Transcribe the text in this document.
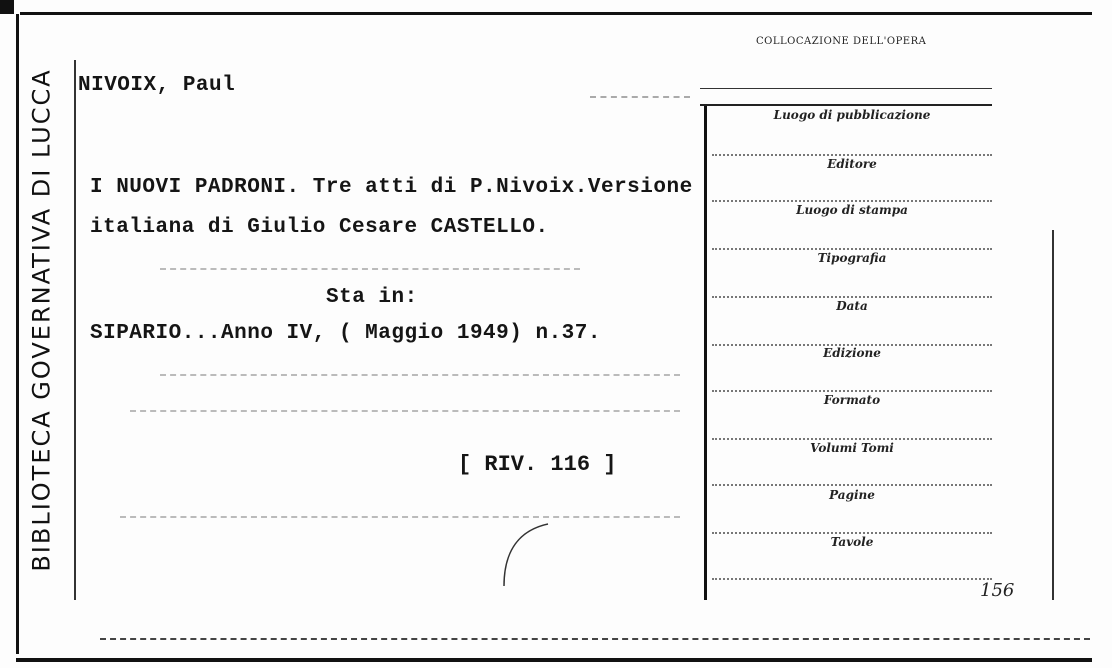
BIBLIOTECA GOVERNATIVA DI LUCCA
COLLOCAZIONE DELL'OPERA
Luogo di pubblicazione
Editore
Luogo di stampa
Tipografia
Data
Edizione
Formato
Volumi Tomi
Pagine
Tavole
NIVOIX, Paul
I NUOVI PADRONI. Tre atti di P.Nivoix.Versione
italiana di Giulio Cesare CASTELLO.
Sta in:
SIPARIO...Anno IV, ( Maggio 1949) n.37.
[ RIV. 116 ]
156
